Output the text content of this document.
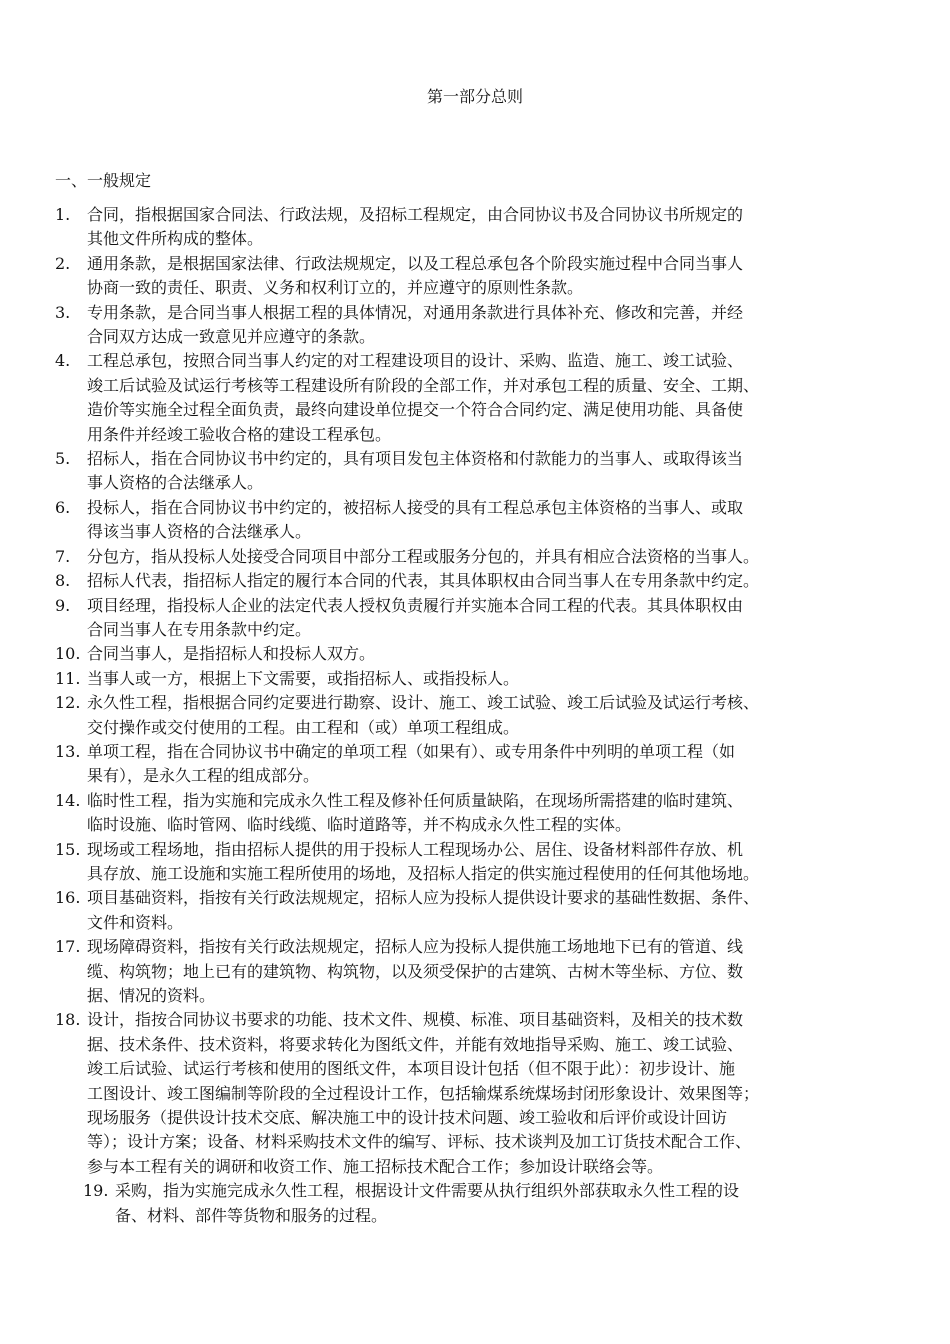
第一部分总则
一、一般规定
1. 合同，指根据国家合同法、行政法规，及招标工程规定，由合同协议书及合同协议书所规定的
其他文件所构成的整体。
2. 通用条款，是根据国家法律、行政法规规定，以及工程总承包各个阶段实施过程中合同当事人
协商一致的责任、职责、义务和权利订立的，并应遵守的原则性条款。
3. 专用条款，是合同当事人根据工程的具体情况，对通用条款进行具体补充、修改和完善，并经
合同双方达成一致意见并应遵守的条款。
4. 工程总承包，按照合同当事人约定的对工程建设项目的设计、采购、监造、施工、竣工试验、
竣工后试验及试运行考核等工程建设所有阶段的全部工作，并对承包工程的质量、安全、工期、
造价等实施全过程全面负责，最终向建设单位提交一个符合合同约定、满足使用功能、具备使
用条件并经竣工验收合格的建设工程承包。
5. 招标人，指在合同协议书中约定的，具有项目发包主体资格和付款能力的当事人、或取得该当
事人资格的合法继承人。
6. 投标人，指在合同协议书中约定的，被招标人接受的具有工程总承包主体资格的当事人、或取
得该当事人资格的合法继承人。
7. 分包方，指从投标人处接受合同项目中部分工程或服务分包的，并具有相应合法资格的当事人。
8. 招标人代表，指招标人指定的履行本合同的代表，其具体职权由合同当事人在专用条款中约定。
9. 项目经理，指投标人企业的法定代表人授权负责履行并实施本合同工程的代表。其具体职权由
合同当事人在专用条款中约定。
10. 合同当事人，是指招标人和投标人双方。
11. 当事人或一方，根据上下文需要，或指招标人、或指投标人。
12. 永久性工程，指根据合同约定要进行勘察、设计、施工、竣工试验、竣工后试验及试运行考核、
交付操作或交付使用的工程。由工程和（或）单项工程组成。
13. 单项工程，指在合同协议书中确定的单项工程（如果有）、或专用条件中列明的单项工程（如
果有），是永久工程的组成部分。
14. 临时性工程，指为实施和完成永久性工程及修补任何质量缺陷，在现场所需搭建的临时建筑、
临时设施、临时管网、临时线缆、临时道路等，并不构成永久性工程的实体。
15. 现场或工程场地，指由招标人提供的用于投标人工程现场办公、居住、设备材料部件存放、机
具存放、施工设施和实施工程所使用的场地，及招标人指定的供实施过程使用的任何其他场地。
16. 项目基础资料，指按有关行政法规规定，招标人应为投标人提供设计要求的基础性数据、条件、
文件和资料。
17. 现场障碍资料，指按有关行政法规规定，招标人应为投标人提供施工场地地下已有的管道、线
缆、构筑物；地上已有的建筑物、构筑物，以及须受保护的古建筑、古树木等坐标、方位、数
据、情况的资料。
18. 设计，指按合同协议书要求的功能、技术文件、规模、标准、项目基础资料，及相关的技术数
据、技术条件、技术资料，将要求转化为图纸文件，并能有效地指导采购、施工、竣工试验、
竣工后试验、试运行考核和使用的图纸文件，本项目设计包括（但不限于此）：初步设计、施
工图设计、竣工图编制等阶段的全过程设计工作，包括输煤系统煤场封闭形象设计、效果图等；
现场服务（提供设计技术交底、解决施工中的设计技术问题、竣工验收和后评价或设计回访
等）；设计方案；设备、材料采购技术文件的编写、评标、技术谈判及加工订货技术配合工作、
参与本工程有关的调研和收资工作、施工招标技术配合工作；参加设计联络会等。
19. 采购，指为实施完成永久性工程，根据设计文件需要从执行组织外部获取永久性工程的设
备、材料、部件等货物和服务的过程。
